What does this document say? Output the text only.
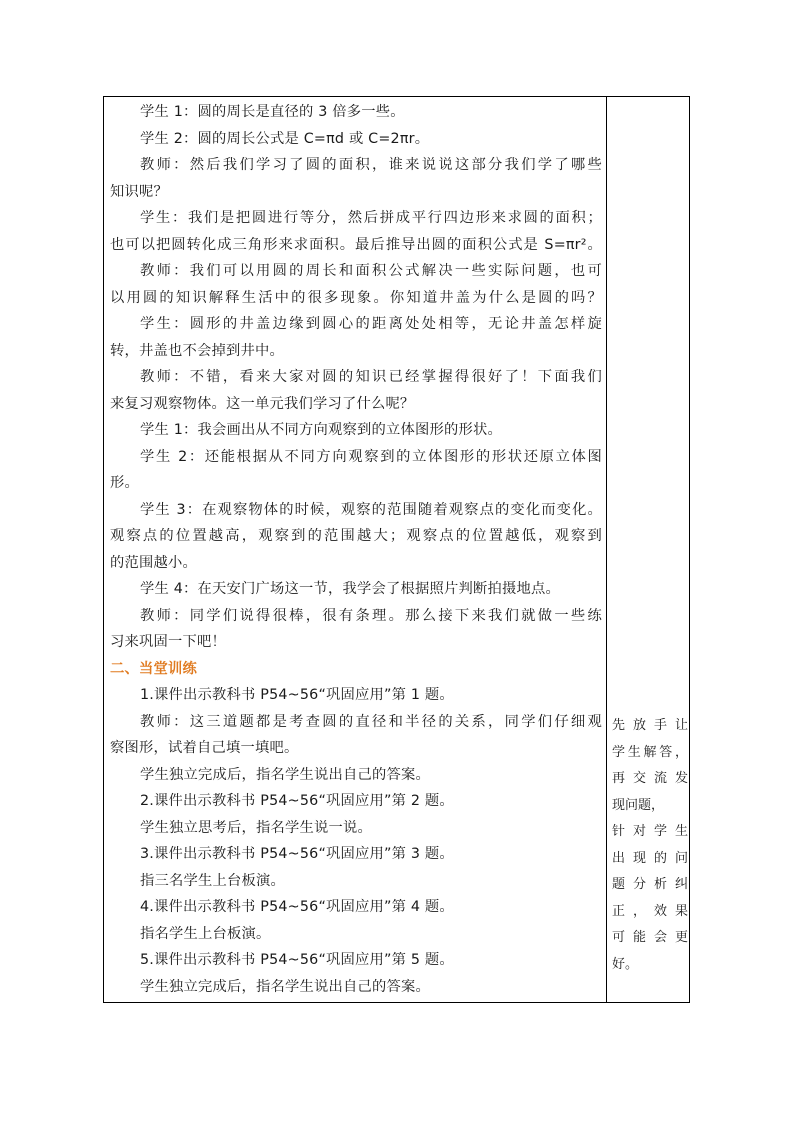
学生 1：圆的周长是直径的 3 倍多一些。
学生 2：圆的周长公式是 C=πd 或 C=2πr。
教师：然后我们学习了圆的面积，谁来说说这部分我们学了哪些
知识呢？
学生：我们是把圆进行等分，然后拼成平行四边形来求圆的面积；
也可以把圆转化成三角形来求面积。最后推导出圆的面积公式是 S=πr²。
教师：我们可以用圆的周长和面积公式解决一些实际问题，也可
以用圆的知识解释生活中的很多现象。你知道井盖为什么是圆的吗？
学生：圆形的井盖边缘到圆心的距离处处相等，无论井盖怎样旋
转，井盖也不会掉到井中。
教师：不错，看来大家对圆的知识已经掌握得很好了！下面我们
来复习观察物体。这一单元我们学习了什么呢？
学生 1：我会画出从不同方向观察到的立体图形的形状。
学生 2：还能根据从不同方向观察到的立体图形的形状还原立体图
形。
学生 3：在观察物体的时候，观察的范围随着观察点的变化而变化。
观察点的位置越高，观察到的范围越大；观察点的位置越低，观察到
的范围越小。
学生 4：在天安门广场这一节，我学会了根据照片判断拍摄地点。
教师：同学们说得很棒，很有条理。那么接下来我们就做一些练
习来巩固一下吧！
二、当堂训练
1.课件出示教科书 P54~56“巩固应用”第 1 题。
教师：这三道题都是考查圆的直径和半径的关系，同学们仔细观
察图形，试着自己填一填吧。
学生独立完成后，指名学生说出自己的答案。
2.课件出示教科书 P54~56“巩固应用”第 2 题。
学生独立思考后，指名学生说一说。
3.课件出示教科书 P54~56“巩固应用”第 3 题。
指三名学生上台板演。
4.课件出示教科书 P54~56“巩固应用”第 4 题。
指名学生上台板演。
5.课件出示教科书 P54~56“巩固应用”第 5 题。
学生独立完成后，指名学生说出自己的答案。
先放手让
学生解答，
再交流发
现问题，
针对学生
出现的问
题分析纠
正，效果
可能会更
好。
